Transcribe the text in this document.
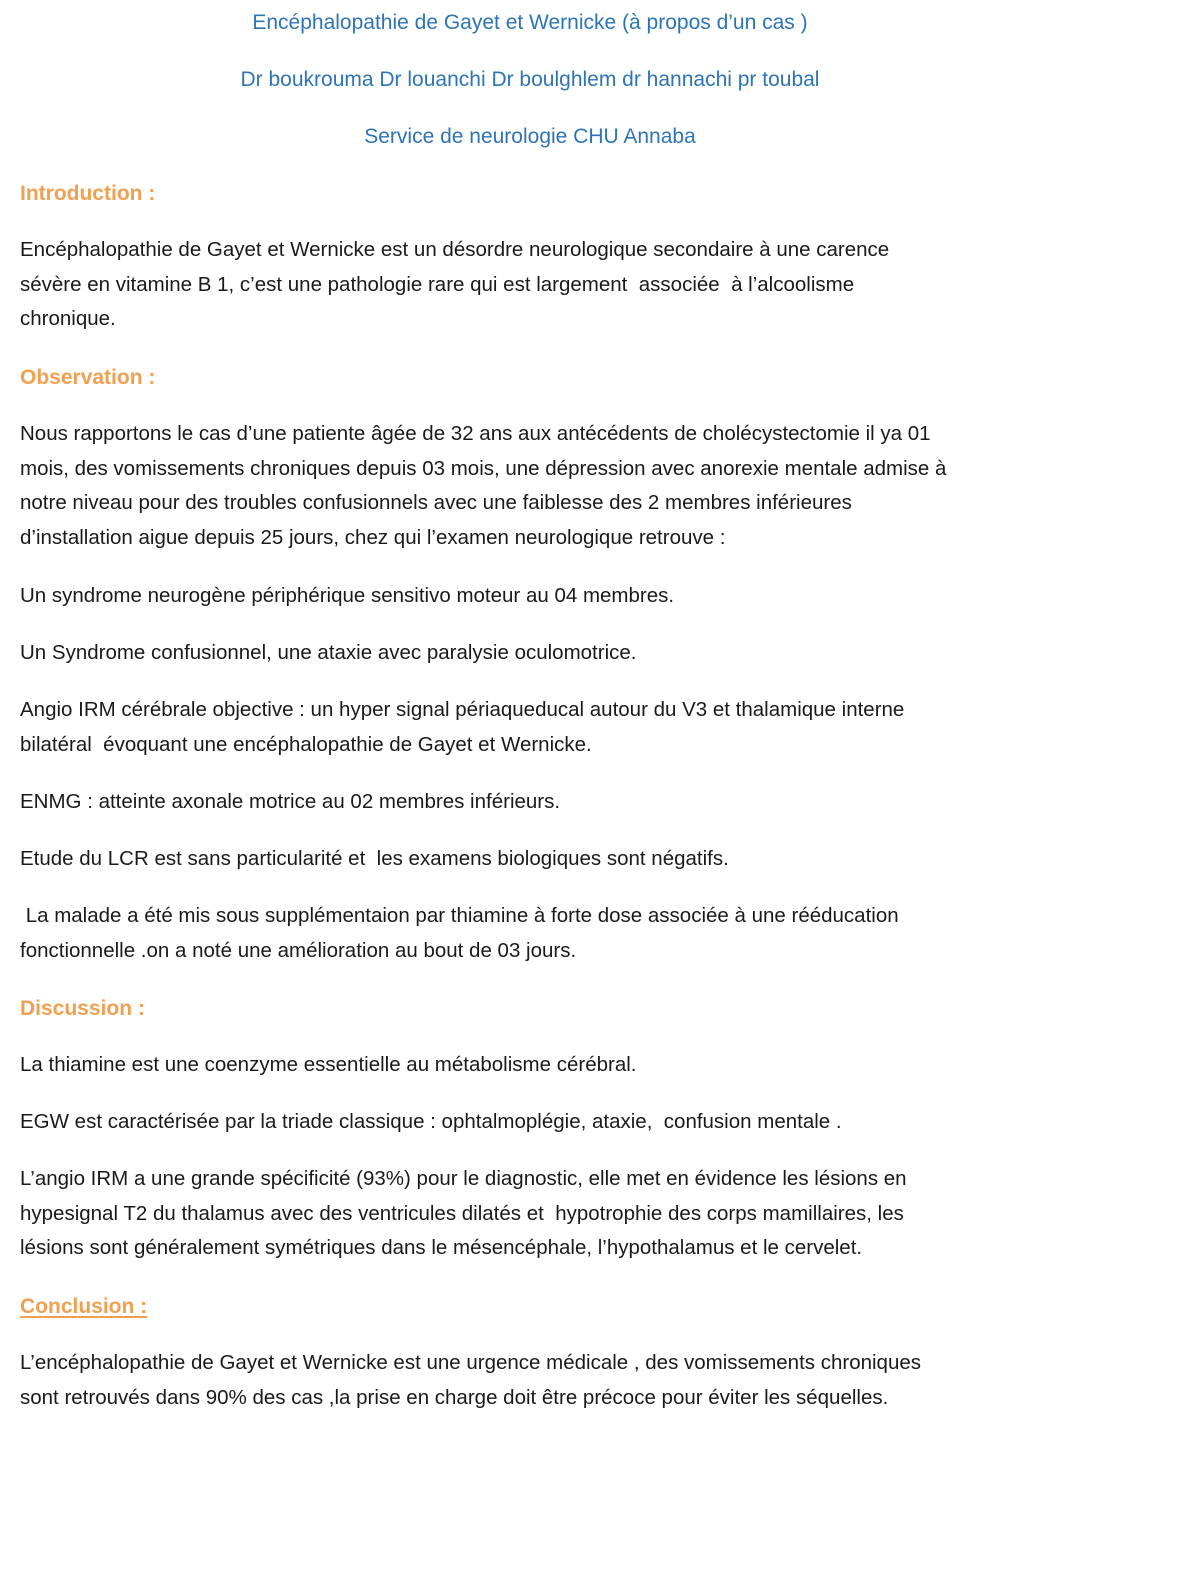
Encéphalopathie de Gayet et Wernicke (à propos d’un cas )
Dr boukrouma Dr louanchi Dr boulghlem dr hannachi pr toubal
Service de neurologie CHU Annaba
Introduction :
Encéphalopathie de Gayet et Wernicke est un désordre neurologique secondaire à une carence
sévère en vitamine B 1, c’est une pathologie rare qui est largement  associée  à l’alcoolisme
chronique.
Observation :
Nous rapportons le cas d’une patiente âgée de 32 ans aux antécédents de cholécystectomie il ya 01
mois, des vomissements chroniques depuis 03 mois, une dépression avec anorexie mentale admise à
notre niveau pour des troubles confusionnels avec une faiblesse des 2 membres inférieures
d’installation aigue depuis 25 jours, chez qui l’examen neurologique retrouve :
Un syndrome neurogène périphérique sensitivo moteur au 04 membres.
Un Syndrome confusionnel, une ataxie avec paralysie oculomotrice.
Angio IRM cérébrale objective : un hyper signal périaqueducal autour du V3 et thalamique interne
bilatéral  évoquant une encéphalopathie de Gayet et Wernicke.
ENMG : atteinte axonale motrice au 02 membres inférieurs.
Etude du LCR est sans particularité et  les examens biologiques sont négatifs.
La malade a été mis sous supplémentaion par thiamine à forte dose associée à une rééducation
fonctionnelle .on a noté une amélioration au bout de 03 jours.
Discussion :
La thiamine est une coenzyme essentielle au métabolisme cérébral.
EGW est caractérisée par la triade classique : ophtalmoplégie, ataxie,  confusion mentale .
L’angio IRM a une grande spécificité (93%) pour le diagnostic, elle met en évidence les lésions en
hypesignal T2 du thalamus avec des ventricules dilatés et  hypotrophie des corps mamillaires, les
lésions sont généralement symétriques dans le mésencéphale, l’hypothalamus et le cervelet.
Conclusion :
L’encéphalopathie de Gayet et Wernicke est une urgence médicale , des vomissements chroniques
sont retrouvés dans 90% des cas ,la prise en charge doit être précoce pour éviter les séquelles.
